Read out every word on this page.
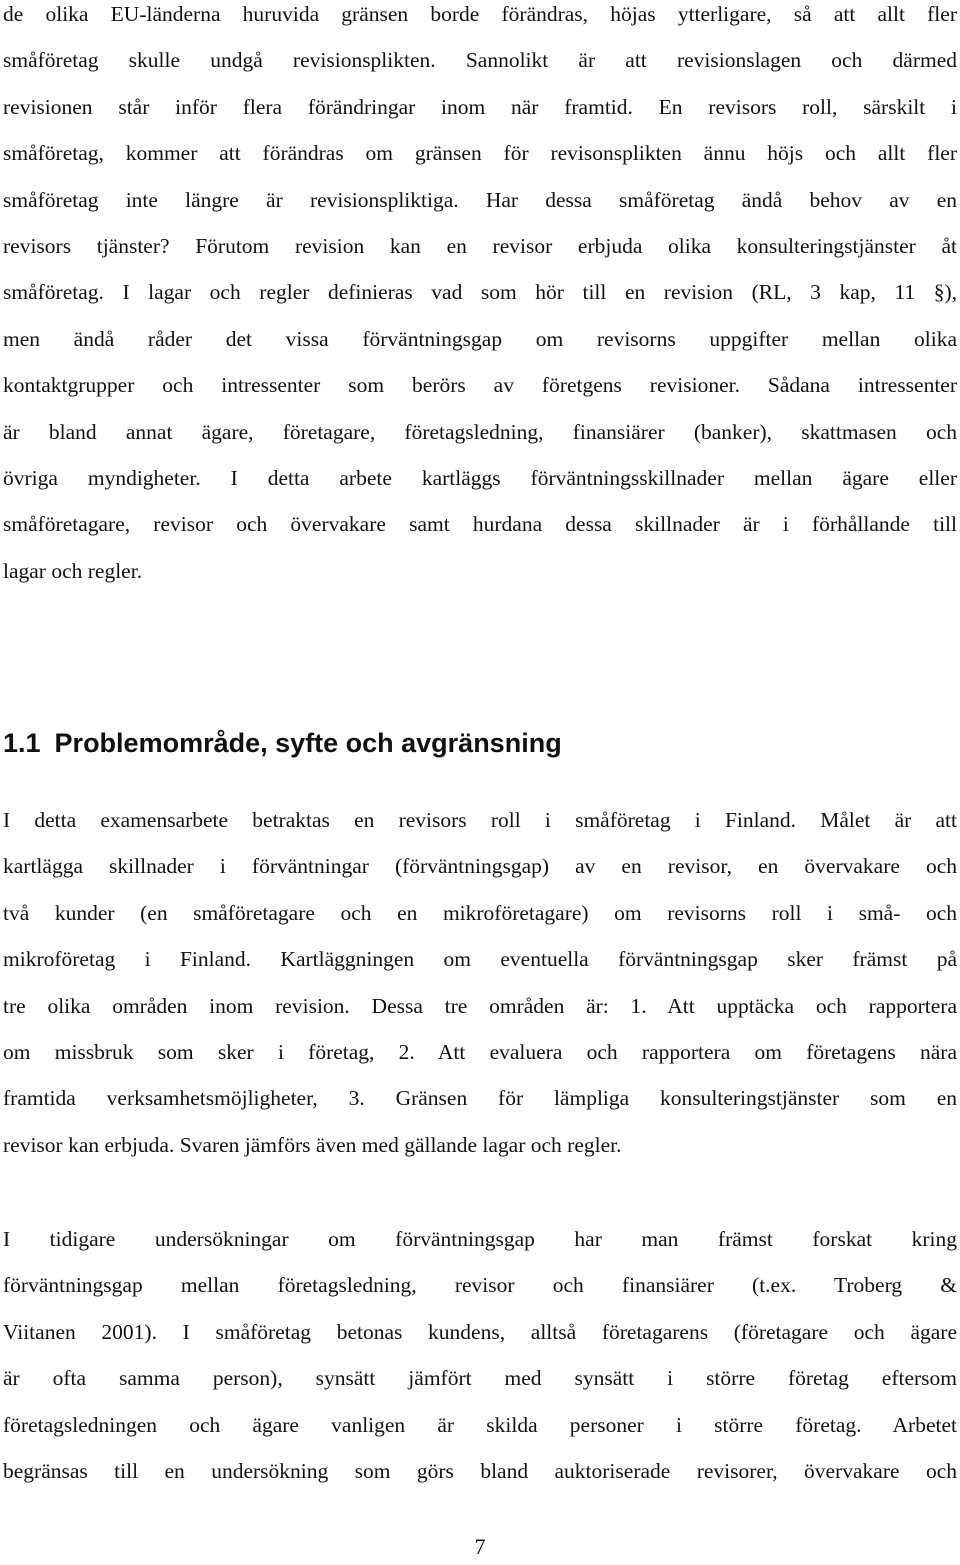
de olika EU-länderna huruvida gränsen borde förändras, höjas ytterligare, så att allt fler
småföretag skulle undgå revisionsplikten. Sannolikt är att revisionslagen och därmed
revisionen står inför flera förändringar inom när framtid. En revisors roll, särskilt i
småföretag, kommer att förändras om gränsen för revisonsplikten ännu höjs och allt fler
småföretag inte längre är revisionspliktiga. Har dessa småföretag ändå behov av en
revisors tjänster? Förutom revision kan en revisor erbjuda olika konsulteringstjänster åt
småföretag. I lagar och regler definieras vad som hör till en revision (RL, 3 kap, 11 §),
men ändå råder det vissa förväntningsgap om revisorns uppgifter mellan olika
kontaktgrupper och intressenter som berörs av företgens revisioner. Sådana intressenter
är bland annat ägare, företagare, företagsledning, finansiärer (banker), skattmasen och
övriga myndigheter. I detta arbete kartläggs förväntningsskillnader mellan ägare eller
småföretagare, revisor och övervakare samt hurdana dessa skillnader är i förhållande till
lagar och regler.
1.1 Problemområde, syfte och avgränsning
I detta examensarbete betraktas en revisors roll i småföretag i Finland. Målet är att
kartlägga skillnader i förväntningar (förväntningsgap) av en revisor, en övervakare och
två kunder (en småföretagare och en mikroföretagare) om revisorns roll i små- och
mikroföretag i Finland. Kartläggningen om eventuella förväntningsgap sker främst på
tre olika områden inom revision. Dessa tre områden är: 1. Att upptäcka och rapportera
om missbruk som sker i företag, 2. Att evaluera och rapportera om företagens nära
framtida verksamhetsmöjligheter, 3. Gränsen för lämpliga konsulteringstjänster som en
revisor kan erbjuda. Svaren jämförs även med gällande lagar och regler.
I tidigare undersökningar om förväntningsgap har man främst forskat kring
förväntningsgap mellan företagsledning, revisor och finansiärer (t.ex. Troberg &
Viitanen 2001). I småföretag betonas kundens, alltså företagarens (företagare och ägare
är ofta samma person), synsätt jämfört med synsätt i större företag eftersom
företagsledningen och ägare vanligen är skilda personer i större företag. Arbetet
begränsas till en undersökning som görs bland auktoriserade revisorer, övervakare och
7
